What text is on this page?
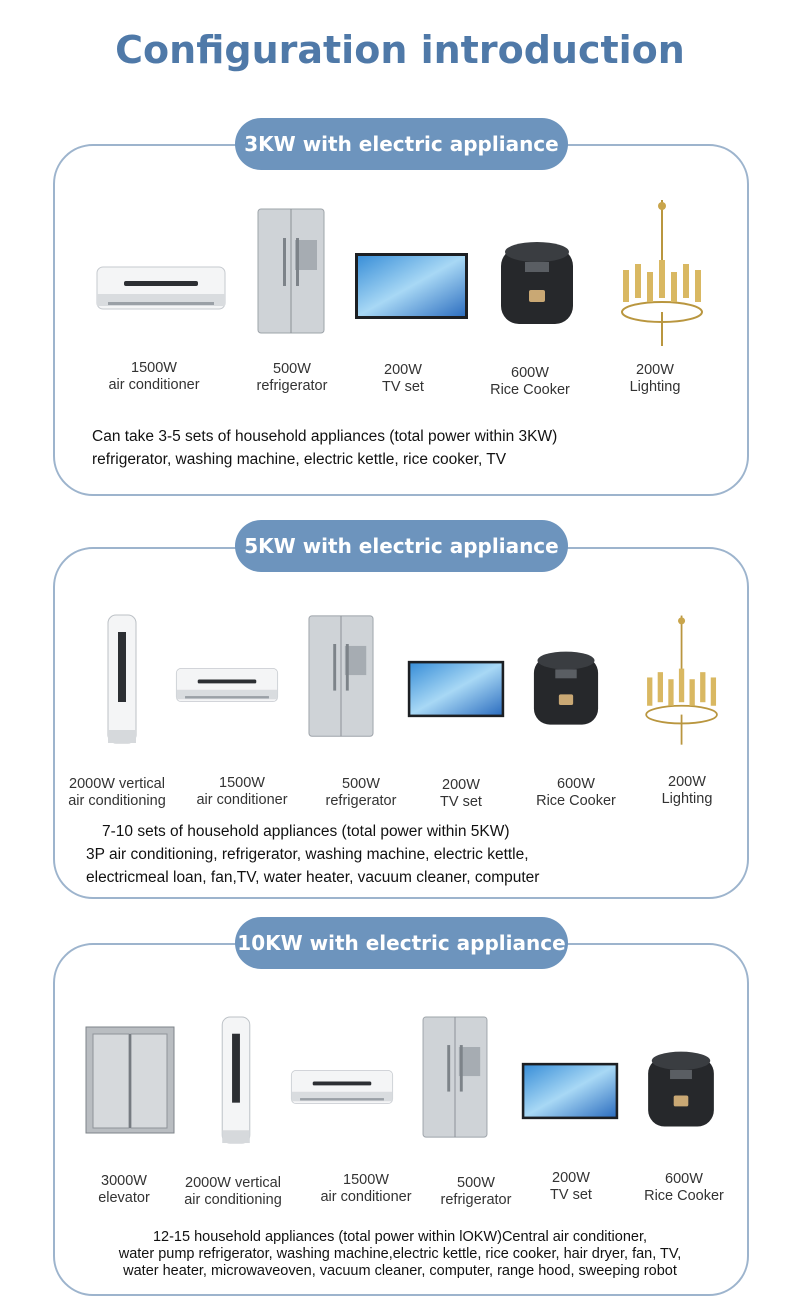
Configuration introduction
3KW with electric appliance
1500W
air conditioner
500W
refrigerator
200W
TV set
600W
Rice Cooker
200W
Lighting
Can take 3-5 sets of household appliances (total power within 3KW)
refrigerator, washing machine, electric kettle, rice cooker, TV
5KW with electric appliance
2000W vertical
air conditioning
1500W
air conditioner
500W
refrigerator
200W
TV set
600W
Rice Cooker
200W
Lighting
7-10 sets of household appliances (total power within 5KW)
3P air conditioning, refrigerator, washing machine, electric kettle,
electricmeal loan, fan,TV, water heater, vacuum cleaner, computer
10KW with electric appliance
3000W
elevator
2000W vertical
air conditioning
1500W
air conditioner
500W
refrigerator
200W
TV set
600W
Rice Cooker
12-15 household appliances (total power within lOKW)Central air conditioner,
water pump refrigerator, washing machine,electric kettle, rice cooker, hair dryer, fan, TV,
water heater, microwaveoven, vacuum cleaner, computer, range hood, sweeping robot
